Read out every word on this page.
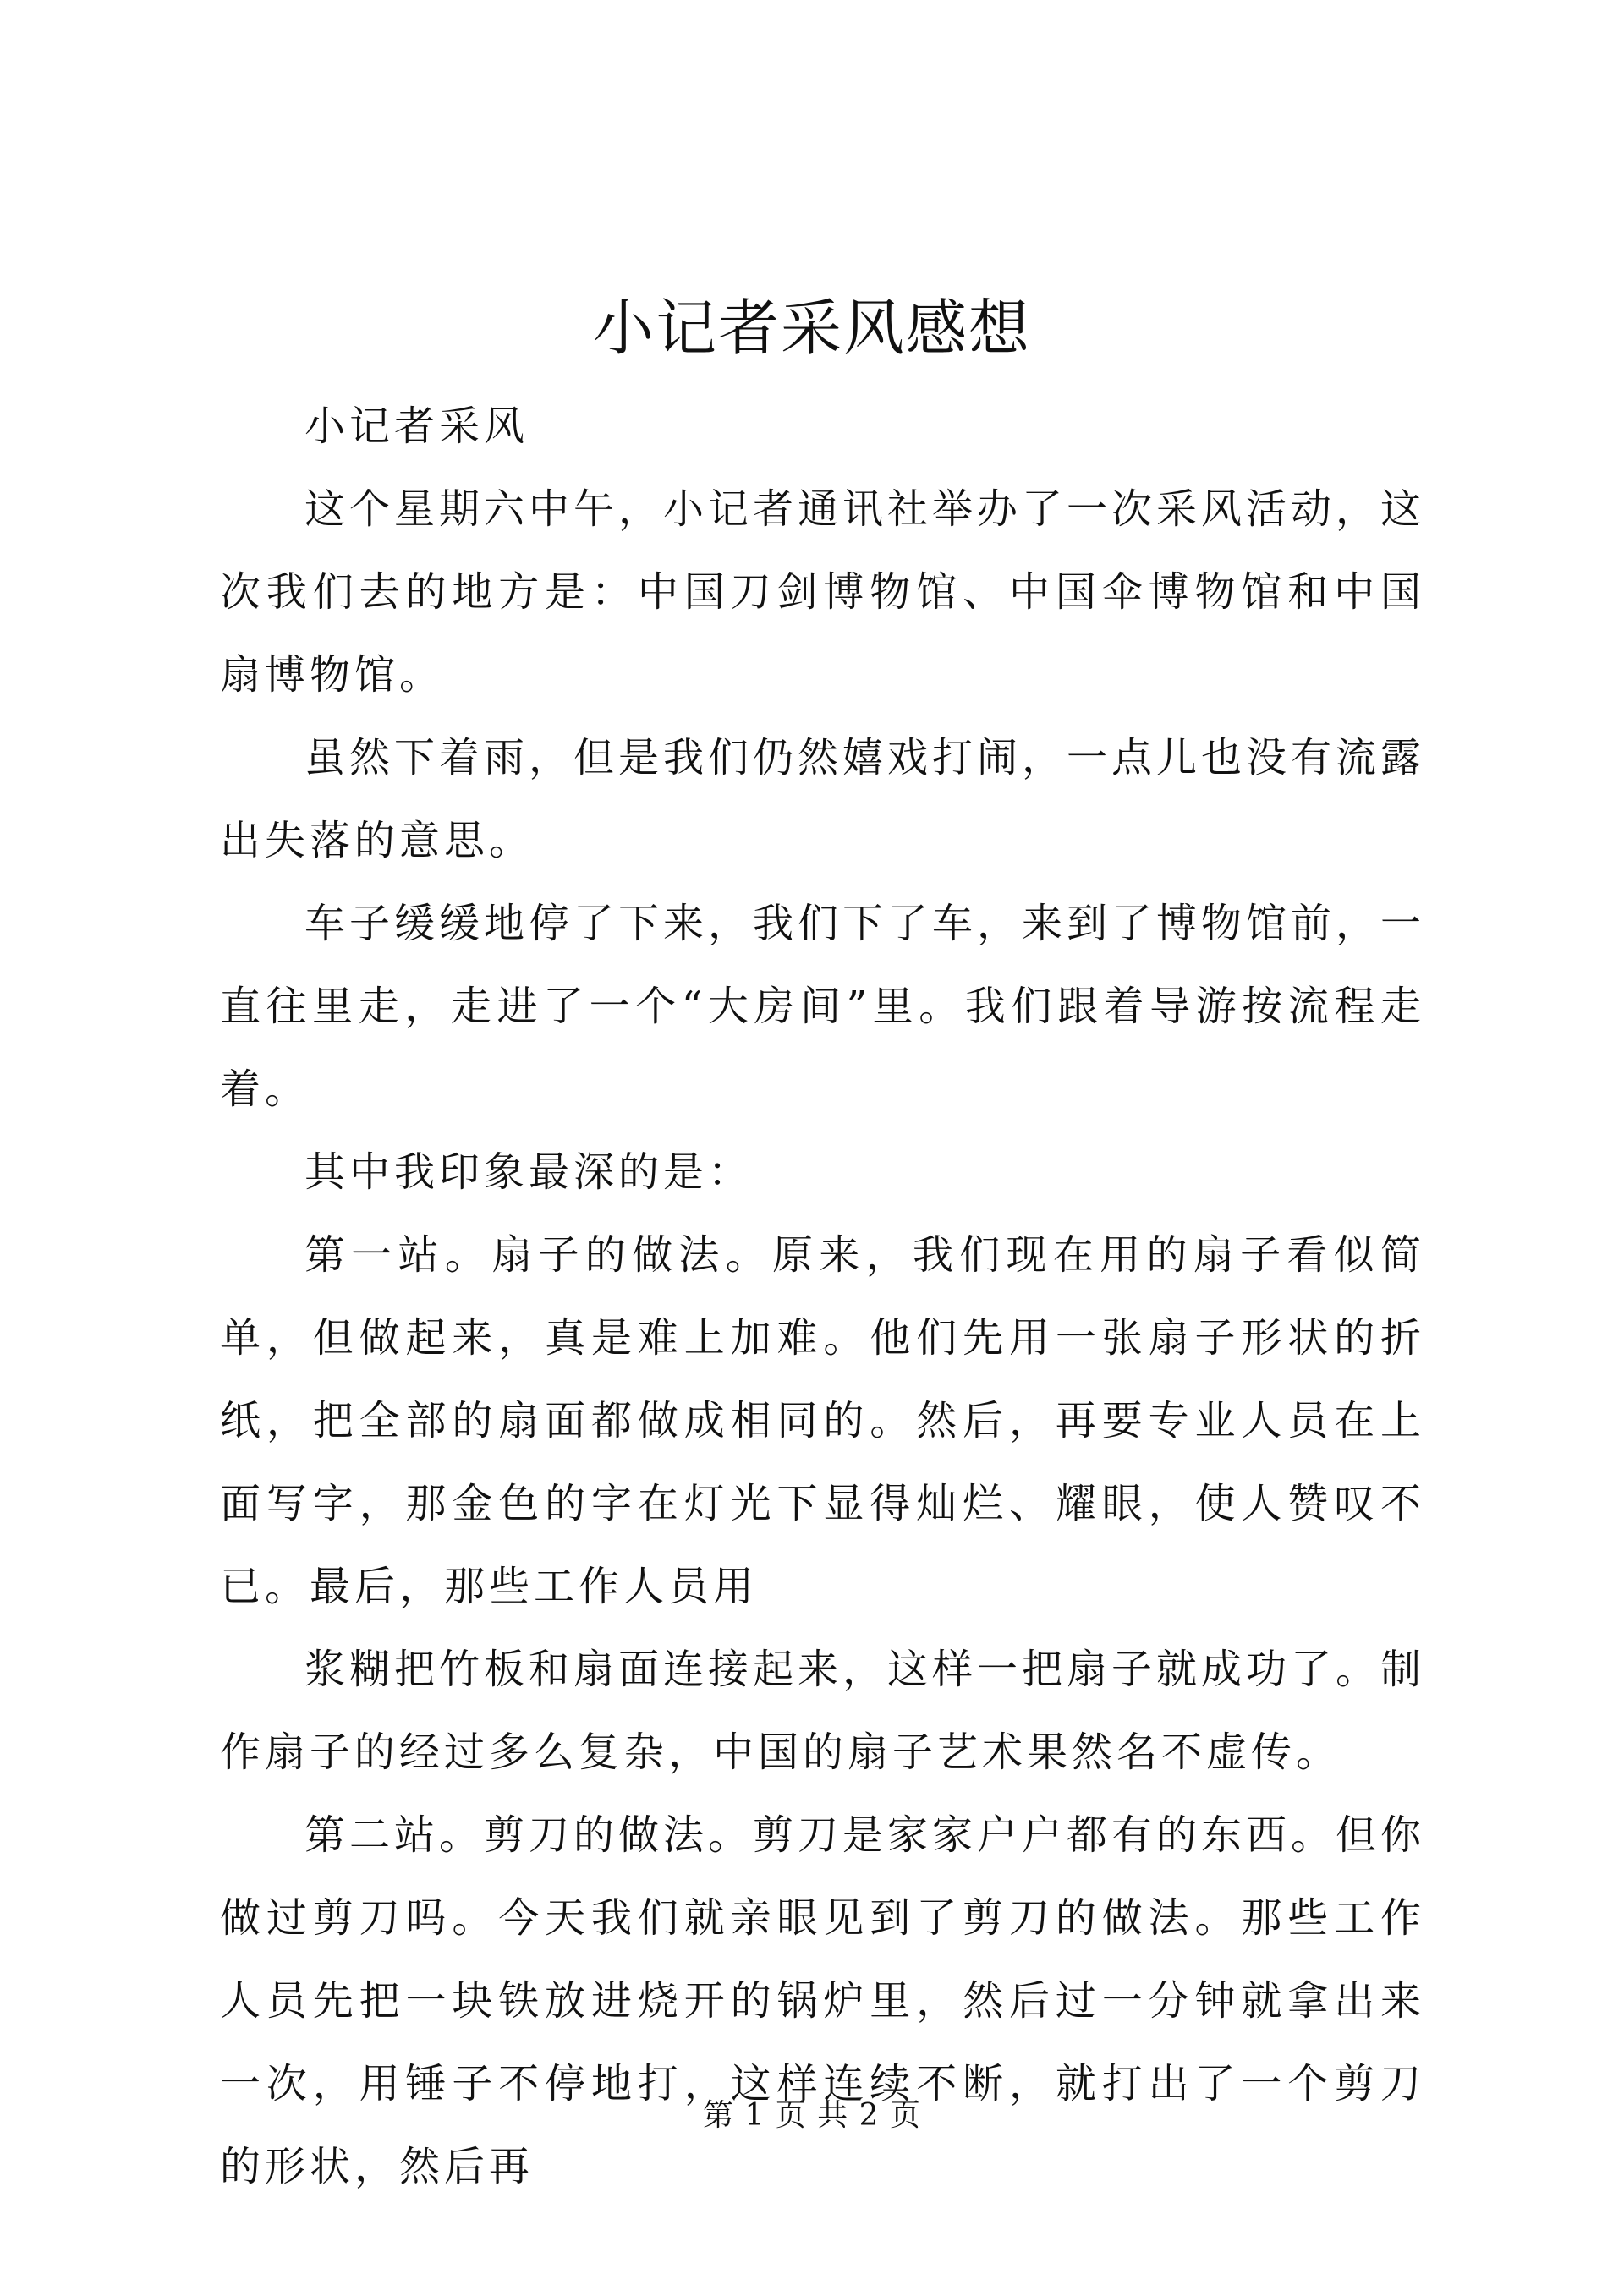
小记者采风感想

小记者采风

这个星期六中午，小记者通讯社举办了一次采风活动，这次我们去的地方是：中国刀剑博物馆、中国伞博物馆和中国扇博物馆。

虽然下着雨，但是我们仍然嬉戏打闹，一点儿也没有流露出失落的意思。

车子缓缓地停了下来，我们下了车，来到了博物馆前，一直往里走，走进了一个“大房间”里。我们跟着导游按流程走着。

其中我印象最深的是：

第一站。扇子的做法。原来，我们现在用的扇子看似简单，但做起来，真是难上加难。他们先用一张扇子形状的折纸，把全部的扇面都做成相同的。然后，再要专业人员在上面写字，那金色的字在灯光下显得灿烂、耀眼，使人赞叹不已。最后，那些工作人员用

浆糊把竹板和扇面连接起来，这样一把扇子就成功了。制作扇子的经过多么复杂，中国的扇子艺术果然名不虚传。

第二站。剪刀的做法。剪刀是家家户户都有的东西。但你做过剪刀吗。今天我们就亲眼见到了剪刀的做法。那些工作人员先把一块铁放进烧开的锅炉里，然后过一分钟就拿出来一次，用锤子不停地打，这样连续不断，就打出了一个剪刀的形状，然后再

第 1 页 共 2 页
